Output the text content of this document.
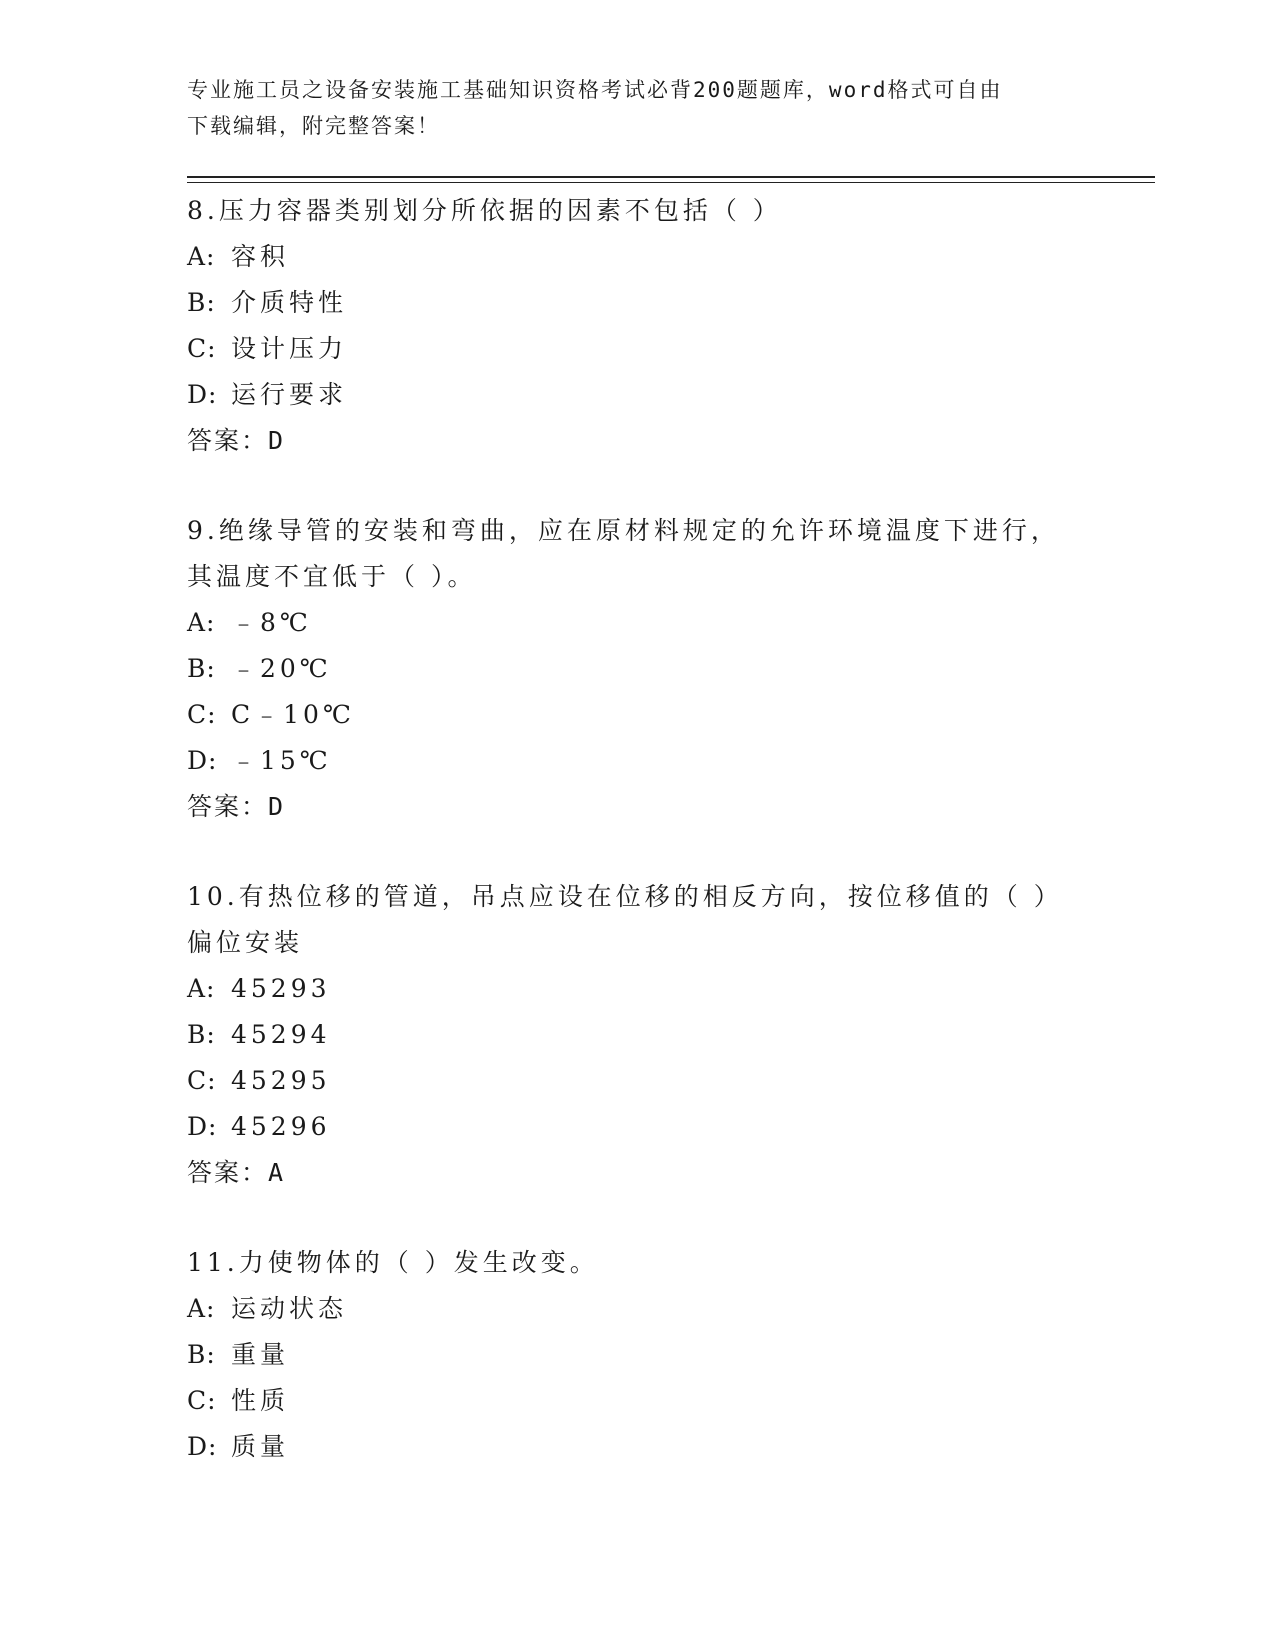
专业施工员之设备安装施工基础知识资格考试必背200题题库，word格式可自由
下载编辑，附完整答案！
8.压力容器类别划分所依据的因素不包括（ ）
A: 容积
B: 介质特性
C: 设计压力
D: 运行要求
答案：D
9.绝缘导管的安装和弯曲，应在原材料规定的允许环境温度下进行，其温度不宜低于（ ）。
A: ﹣8℃
B: ﹣20℃
C: C﹣10℃
D: ﹣15℃
答案：D
10.有热位移的管道，吊点应设在位移的相反方向，按位移值的（ ）偏位安装
A: 45293
B: 45294
C: 45295
D: 45296
答案：A
11.力使物体的（ ）发生改变。
A: 运动状态
B: 重量
C: 性质
D: 质量
